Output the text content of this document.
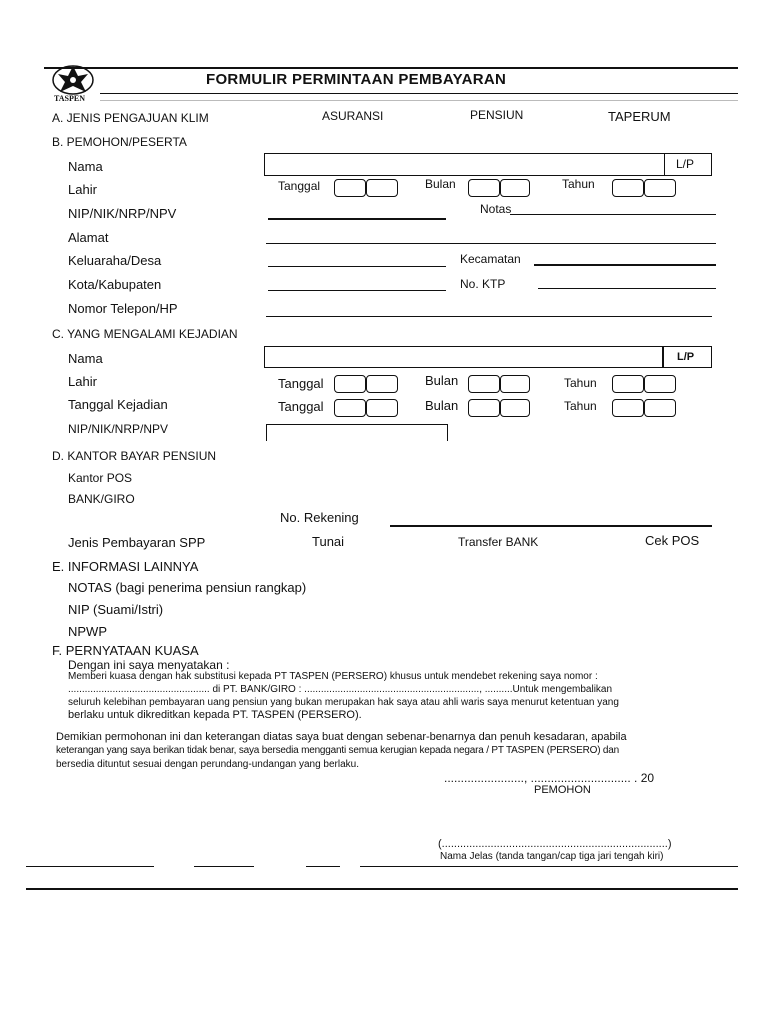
TASPEN
FORMULIR PERMINTAAN PEMBAYARAN
A. JENIS PENGAJUAN KLIM	ASURANSI	PENSIUN	TAPERUM
B. PEMOHON/PESERTA
Nama	L/P
Lahir	Tanggal	Bulan	Tahun
NIP/NIK/NRP/NPV	Notas
Alamat
Keluaraha/Desa	Kecamatan
Kota/Kabupaten	No. KTP
Nomor Telepon/HP
C. YANG MENGALAMI KEJADIAN
Nama	L/P
Lahir	Tanggal	Bulan	Tahun
Tanggal Kejadian	Tanggal	Bulan	Tahun
NIP/NIK/NRP/NPV
D. KANTOR BAYAR PENSIUN
Kantor POS
BANK/GIRO
No. Rekening
Jenis Pembayaran SPP	Tunai	Transfer BANK	Cek POS
E. INFORMASI LAINNYA
NOTAS (bagi penerima pensiun rangkap)
NIP (Suami/Istri)
NPWP
F. PERNYATAAN KUASA
Dengan ini saya menyatakan :
Memberi kuasa dengan hak substitusi kepada PT TASPEN (PERSERO) khusus untuk mendebet rekening saya nomor :
................................................... di PT. BANK/GIRO : ..............................................................., ..........Untuk mengembalikan
seluruh kelebihan pembayaran uang pensiun yang bukan merupakan hak saya atau ahli waris saya menurut ketentuan yang
berlaku untuk dikreditkan kepada PT. TASPEN (PERSERO).
Demikian permohonan ini dan keterangan diatas saya buat dengan sebenar-benarnya dan penuh kesadaran, apabila
keterangan yang saya berikan tidak benar, saya bersedia mengganti semua kerugian kepada negara / PT TASPEN (PERSERO) dan
bersedia dituntut sesuai dengan perundang-undangan yang berlaku.
........................, .............................. . 20
PEMOHON
(..........................................................................)
Nama Jelas (tanda tangan/cap tiga jari tengah kiri)
